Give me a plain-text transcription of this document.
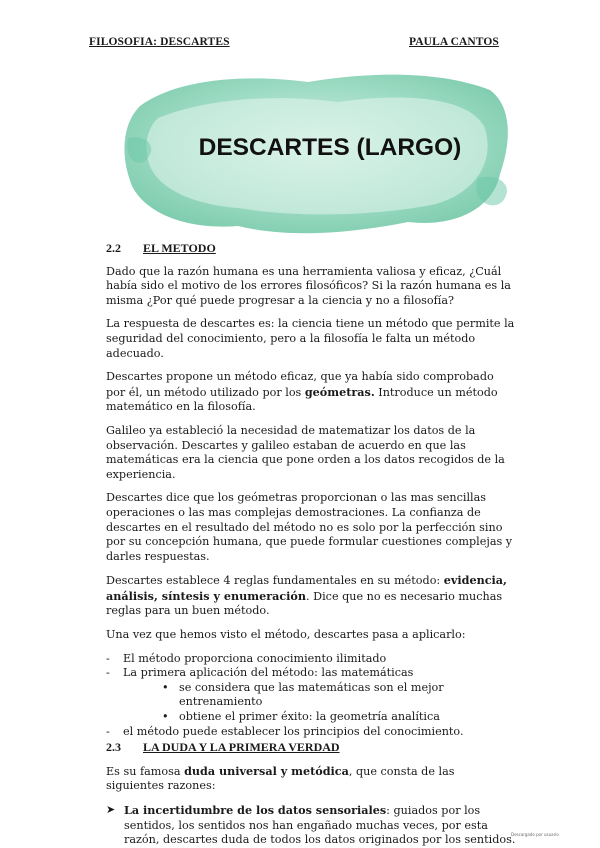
FILOSOFIA: DESCARTES	PAULA CANTOS
DESCARTES (LARGO)
2.2	EL METODO

Dado que la razón humana es una herramienta valiosa y eficaz, ¿Cuál había sido el motivo de los errores filosóficos? Si la razón humana es la misma ¿Por qué puede progresar a la ciencia y no a filosofía?

La respuesta de descartes es: la ciencia tiene un método que permite la seguridad del conocimiento, pero a la filosofía le falta un método adecuado.

Descartes propone un método eficaz, que ya había sido comprobado por él, un método utilizado por los geómetras. Introduce un método matemático en la filosofía.

Galileo ya estableció la necesidad de matematizar los datos de la observación. Descartes y galileo estaban de acuerdo en que las matemáticas era la ciencia que pone orden a los datos recogidos de la experiencia.

Descartes dice que los geómetras proporcionan o las mas sencillas operaciones o las mas complejas demostraciones. La confianza de descartes en el resultado del método no es solo por la perfección sino por su concepción humana, que puede formular cuestiones complejas y darles respuestas.

Descartes establece 4 reglas fundamentales en su método: evidencia, análisis, síntesis y enumeración. Dice que no es necesario muchas reglas para un buen método.

Una vez que hemos visto el método, descartes pasa a aplicarlo:

- El método proporciona conocimiento ilimitado
- La primera aplicación del método: las matemáticas
• se considera que las matemáticas son el mejor entrenamiento
• obtiene el primer éxito: la geometría analítica
- el método puede establecer los principios del conocimiento.
2.3	LA DUDA Y LA PRIMERA VERDAD

Es su famosa duda universal y metódica, que consta de las siguientes razones:

➤ La incertidumbre de los datos sensoriales: guiados por los sentidos, los sentidos nos han engañado muchas veces, por esta razón, descartes duda de todos los datos originados por los sentidos.
Descargado por usuario
